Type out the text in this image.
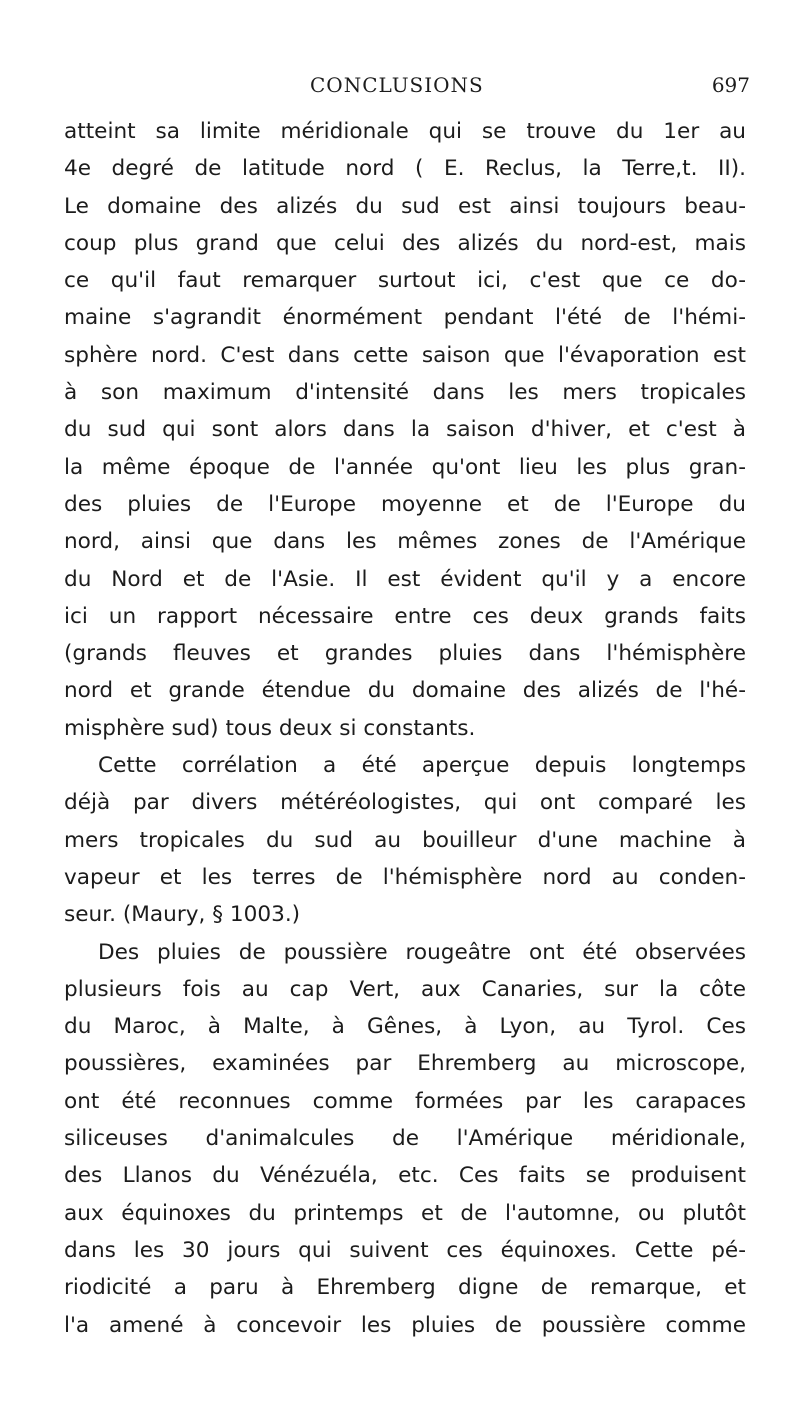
CONCLUSIONS	697
atteint sa limite méridionale qui se trouve du 1er au
4e degré de latitude nord ( E. Reclus, la Terre,t. II).
Le domaine des alizés du sud est ainsi toujours beau-
coup plus grand que celui des alizés du nord-est, mais
ce qu'il faut remarquer surtout ici, c'est que ce do-
maine s'agrandit énormément pendant l'été de l'hémi-
sphère nord. C'est dans cette saison que l'évaporation est
à son maximum d'intensité dans les mers tropicales
du sud qui sont alors dans la saison d'hiver, et c'est à
la même époque de l'année qu'ont lieu les plus gran-
des pluies de l'Europe moyenne et de l'Europe du
nord, ainsi que dans les mêmes zones de l'Amérique
du Nord et de l'Asie. Il est évident qu'il y a encore
ici un rapport nécessaire entre ces deux grands faits
(grands fleuves et grandes pluies dans l'hémisphère
nord et grande étendue du domaine des alizés de l'hé-
misphère sud) tous deux si constants.
Cette corrélation a été aperçue depuis longtemps
déjà par divers météréologistes, qui ont comparé les
mers tropicales du sud au bouilleur d'une machine à
vapeur et les terres de l'hémisphère nord au conden-
seur. (Maury, § 1003.)
Des pluies de poussière rougeâtre ont été observées
plusieurs fois au cap Vert, aux Canaries, sur la côte
du Maroc, à Malte, à Gênes, à Lyon, au Tyrol. Ces
poussières, examinées par Ehremberg au microscope,
ont été reconnues comme formées par les carapaces
siliceuses d'animalcules de l'Amérique méridionale,
des Llanos du Vénézuéla, etc. Ces faits se produisent
aux équinoxes du printemps et de l'automne, ou plutôt
dans les 30 jours qui suivent ces équinoxes. Cette pé-
riodicité a paru à Ehremberg digne de remarque, et
l'a amené à concevoir les pluies de poussière comme
